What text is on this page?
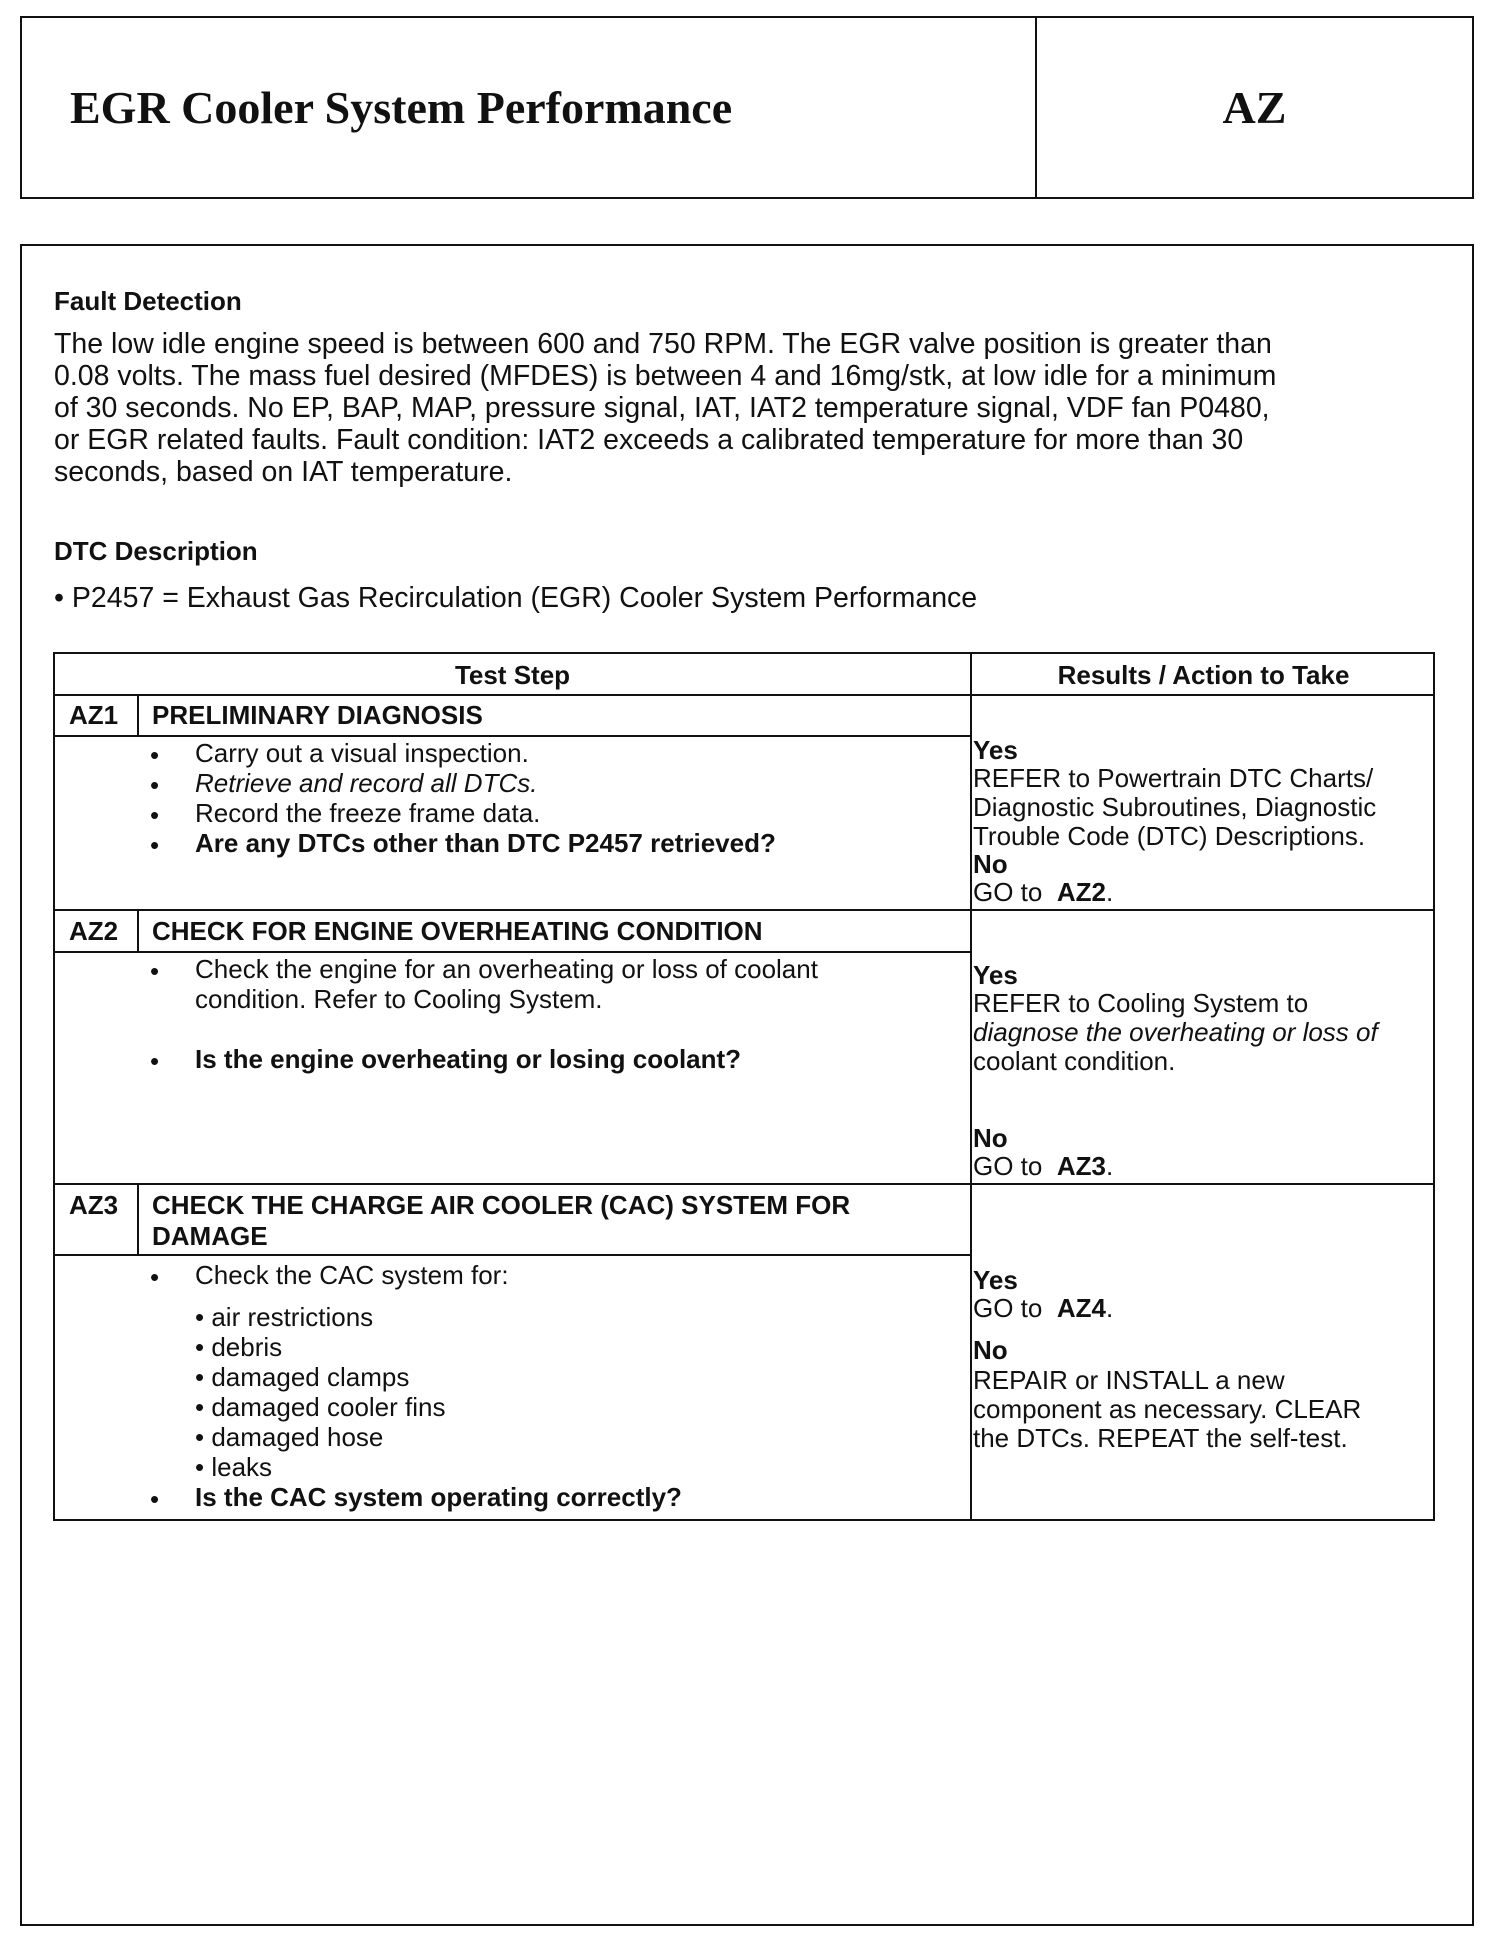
EGR Cooler System Performance	AZ
Fault Detection
The low idle engine speed is between 600 and 750 RPM. The EGR valve position is greater than
0.08 volts. The mass fuel desired (MFDES) is between 4 and 16mg/stk, at low idle for a minimum
of 30 seconds. No EP, BAP, MAP, pressure signal, IAT, IAT2 temperature signal, VDF fan P0480,
or EGR related faults. Fault condition: IAT2 exceeds a calibrated temperature for more than 30
seconds, based on IAT temperature.
DTC Description
• P2457 = Exhaust Gas Recirculation (EGR) Cooler System Performance
Test Step	Results / Action to Take
AZ1 PRELIMINARY DIAGNOSIS
• Carry out a visual inspection.
• Retrieve and record all DTCs.
• Record the freeze frame data.
• Are any DTCs other than DTC P2457 retrieved?
Yes
REFER to Powertrain DTC Charts/
Diagnostic Subroutines, Diagnostic
Trouble Code (DTC) Descriptions.
No
GO to AZ2.
AZ2 CHECK FOR ENGINE OVERHEATING CONDITION
• Check the engine for an overheating or loss of coolant
condition. Refer to Cooling System.
• Is the engine overheating or losing coolant?
Yes
REFER to Cooling System to
diagnose the overheating or loss of
coolant condition.
No
GO to AZ3.
AZ3 CHECK THE CHARGE AIR COOLER (CAC) SYSTEM FOR DAMAGE
• Check the CAC system for:
• air restrictions
• debris
• damaged clamps
• damaged cooler fins
• damaged hose
• leaks
• Is the CAC system operating correctly?
Yes
GO to AZ4.
No
REPAIR or INSTALL a new
component as necessary. CLEAR
the DTCs. REPEAT the self-test.
